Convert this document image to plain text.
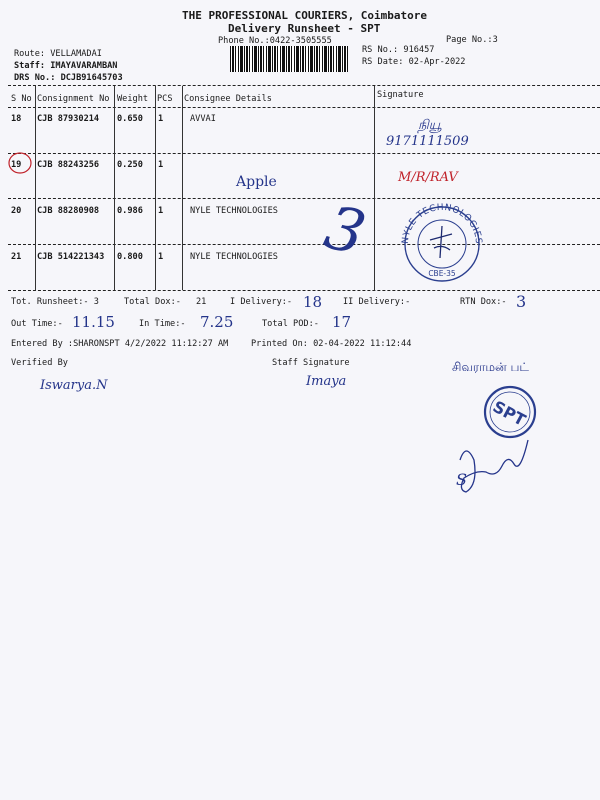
THE PROFESSIONAL COURIERS, Coimbatore
Delivery Runsheet - SPT
Phone No.:0422-3505555	Page No.:3
Route: VELLAMADAI
Staff: IMAYAVARAMBAN
DRS No.: DCJB91645703
RS No.: 916457
RS Date: 02-Apr-2022
S No Consignment No Weight PCS Consignee Details	Signature
18 CJB 87930214 0.650 1	AVVAI
19 CJB 88243256 0.250 1
20 CJB 88280908 0.986 1	NYLE TECHNOLOGIES
21 CJB 514221343 0.800 1	NYLE TECHNOLOGIES
நியூ
9171111509
Apple	M/R/RAV
3	NYLE TECHNOLOGIES
CBE-35
Tot. Runsheet:- 3	Total Dox:- 21	I Delivery:- 18 II Delivery:-	RTN Dox:- 3
Out Time:- 11.15	In Time:- 7.25	Total POD:- 17
Entered By :SHARONSPT 4/2/2022 11:12:27 AM	Printed On: 02-04-2022 11:12:44
Verified By	Staff Signature
Iswarya.N	Imaya
சிவராமன் பட்
SPT
S
